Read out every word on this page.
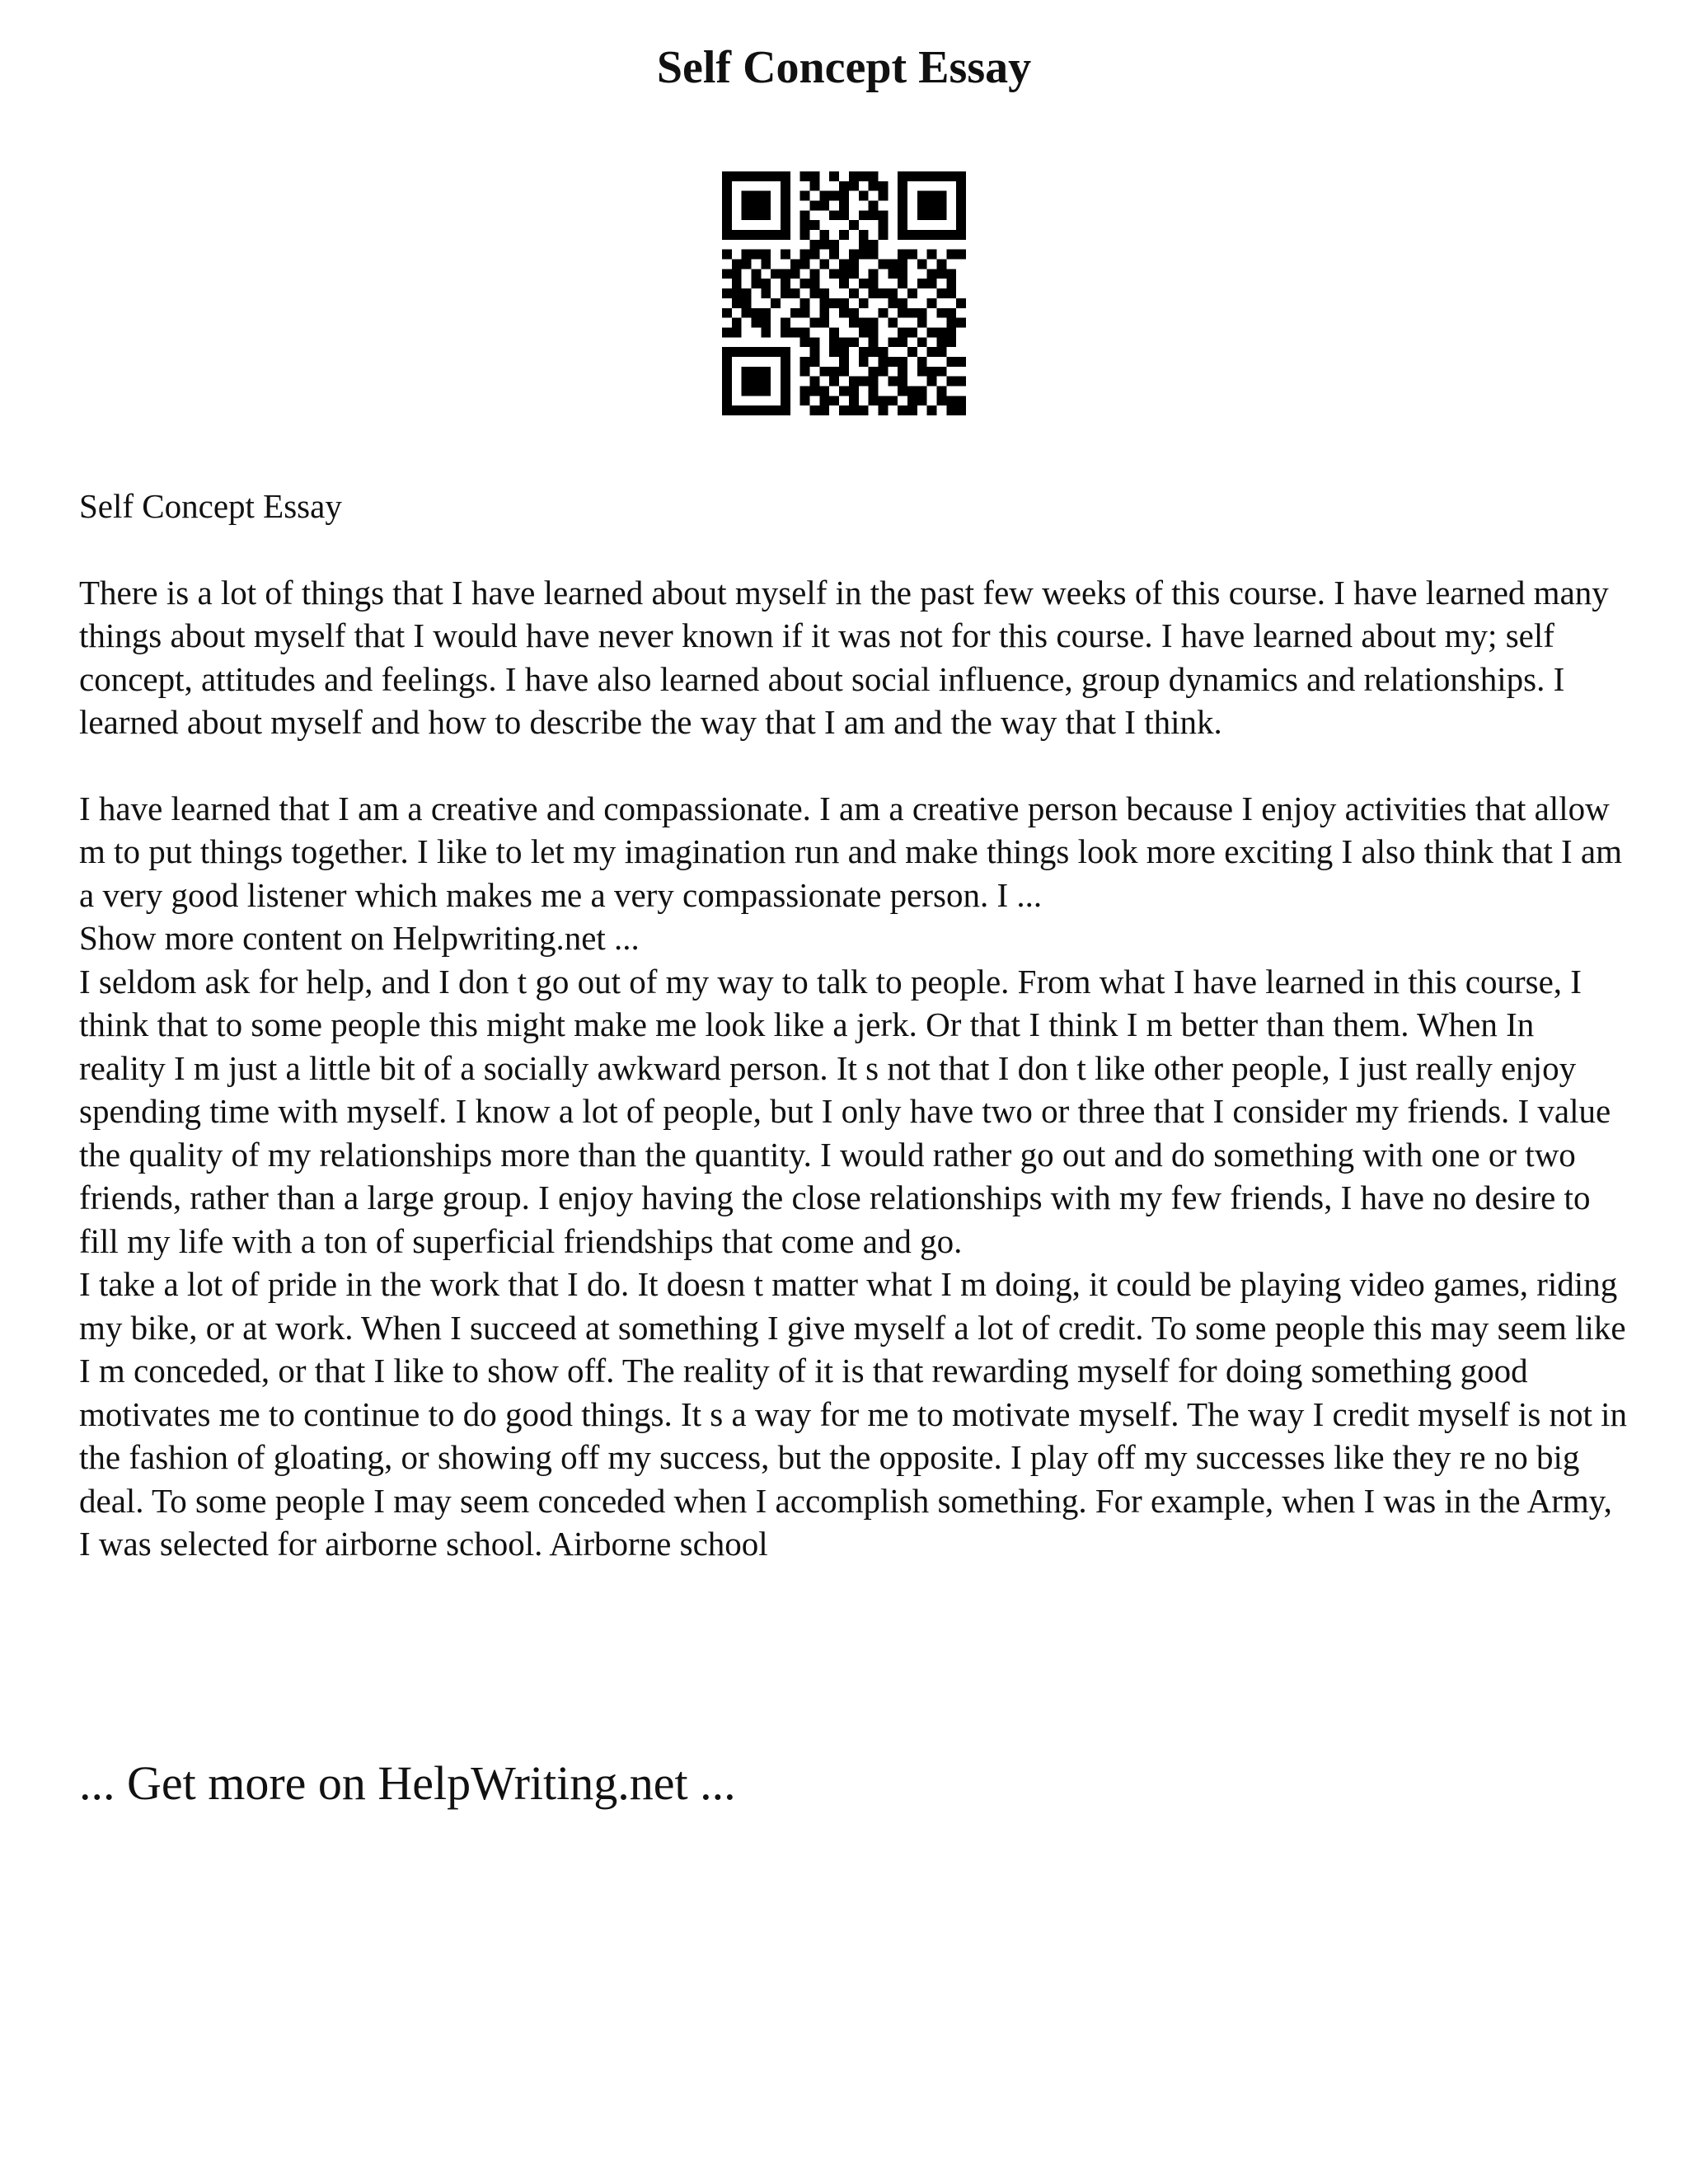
Self Concept Essay

Self Concept Essay

There is a lot of things that I have learned about myself in the past few weeks of this course. I have learned many things about myself that I would have never known if it was not for this course. I have learned about my; self concept, attitudes and feelings. I have also learned about social influence, group dynamics and relationships. I learned about myself and how to describe the way that I am and the way that I think.

I have learned that I am a creative and compassionate. I am a creative person because I enjoy activities that allow m to put things together. I like to let my imagination run and make things look more exciting I also think that I am a very good listener which makes me a very compassionate person. I ...

Show more content on Helpwriting.net ...

I seldom ask for help, and I don t go out of my way to talk to people. From what I have learned in this course, I think that to some people this might make me look like a jerk. Or that I think I m better than them. When In reality I m just a little bit of a socially awkward person. It s not that I don t like other people, I just really enjoy spending time with myself. I know a lot of people, but I only have two or three that I consider my friends. I value the quality of my relationships more than the quantity. I would rather go out and do something with one or two friends, rather than a large group. I enjoy having the close relationships with my few friends, I have no desire to fill my life with a ton of superficial friendships that come and go.

I take a lot of pride in the work that I do. It doesn t matter what I m doing, it could be playing video games, riding my bike, or at work. When I succeed at something I give myself a lot of credit. To some people this may seem like I m conceded, or that I like to show off. The reality of it is that rewarding myself for doing something good motivates me to continue to do good things. It s a way for me to motivate myself. The way I credit myself is not in the fashion of gloating, or showing off my success, but the opposite. I play off my successes like they re no big deal. To some people I may seem conceded when I accomplish something. For example, when I was in the Army, I was selected for airborne school. Airborne school

... Get more on HelpWriting.net ...
